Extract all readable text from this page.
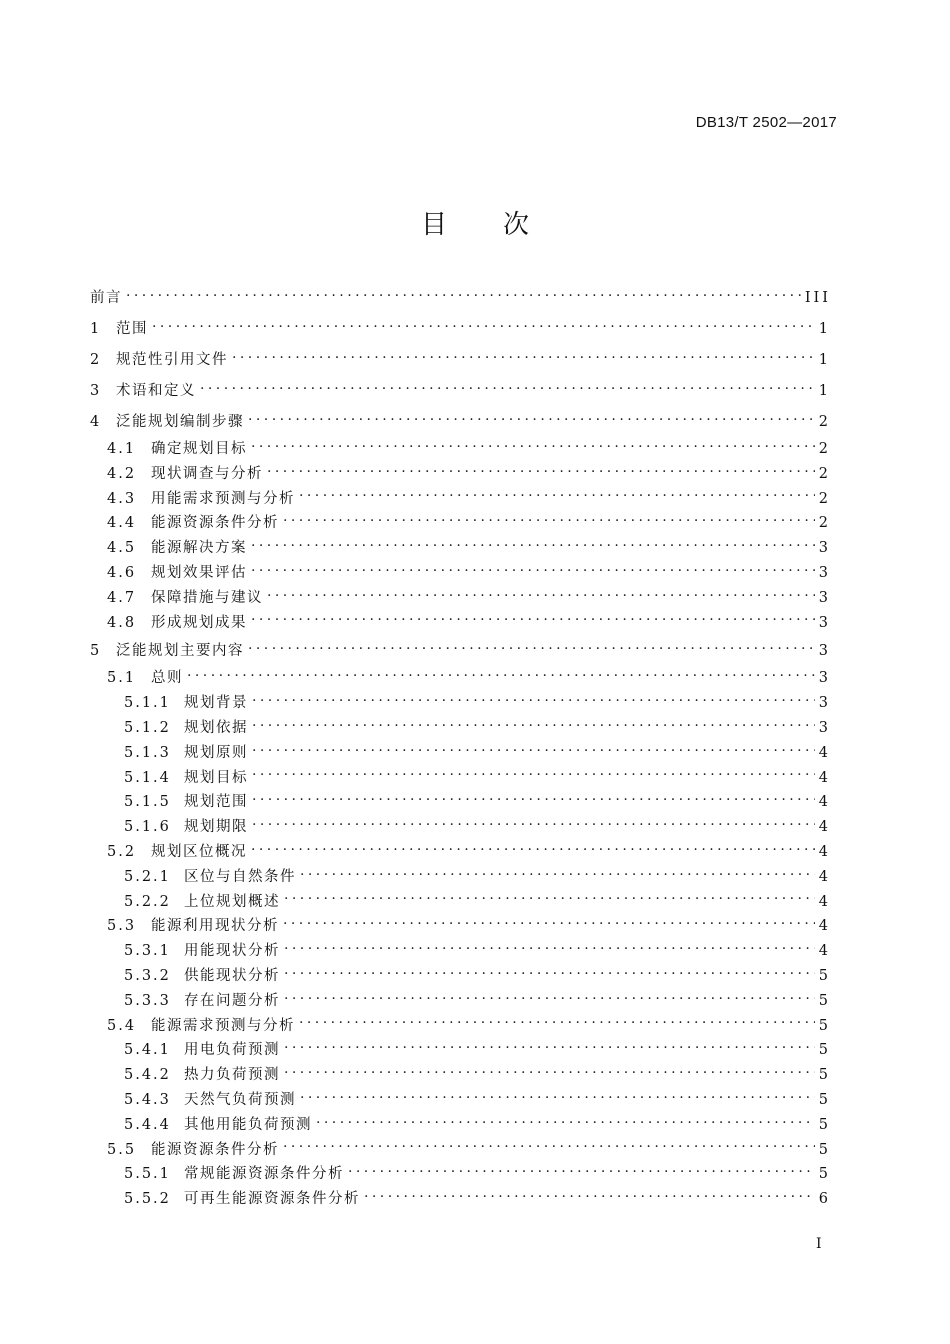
DB13/T 2502—2017
目次
前言 . . .	III
1	范围 . . .	1
2	规范性引用文件 . . .	1
3	术语和定义 . . .	1
4	泛能规划编制步骤 . . .	2
4.1	确定规划目标 . . .	2
4.2	现状调查与分析 . . .	2
4.3	用能需求预测与分析 . . .	2
4.4	能源资源条件分析 . . .	2
4.5	能源解决方案 . . .	3
4.6	规划效果评估 . . .	3
4.7	保障措施与建议 . . .	3
4.8	形成规划成果 . . .	3
5	泛能规划主要内容 . . .	3
5.1	总则 . . .	3
5.1.1 规划背景 . . .	3
5.1.2 规划依据 . . .	3
5.1.3 规划原则 . . .	4
5.1.4 规划目标 . . .	4
5.1.5 规划范围 . . .	4
5.1.6 规划期限 . . .	4
5.2	规划区位概况 . . .	4
5.2.1 区位与自然条件 . . .	4
5.2.2 上位规划概述 . . .	4
5.3	能源利用现状分析 . . .	4
5.3.1 用能现状分析 . . .	4
5.3.2 供能现状分析 . . .	5
5.3.3 存在问题分析 . . .	5
5.4	能源需求预测与分析 . . .	5
5.4.1 用电负荷预测 . . .	5
5.4.2 热力负荷预测 . . .	5
5.4.3 天然气负荷预测 . . .	5
5.4.4 其他用能负荷预测 . . .	5
5.5	能源资源条件分析 . . .	5
5.5.1 常规能源资源条件分析 . . .	5
5.5.2 可再生能源资源条件分析 . . .	6
I
